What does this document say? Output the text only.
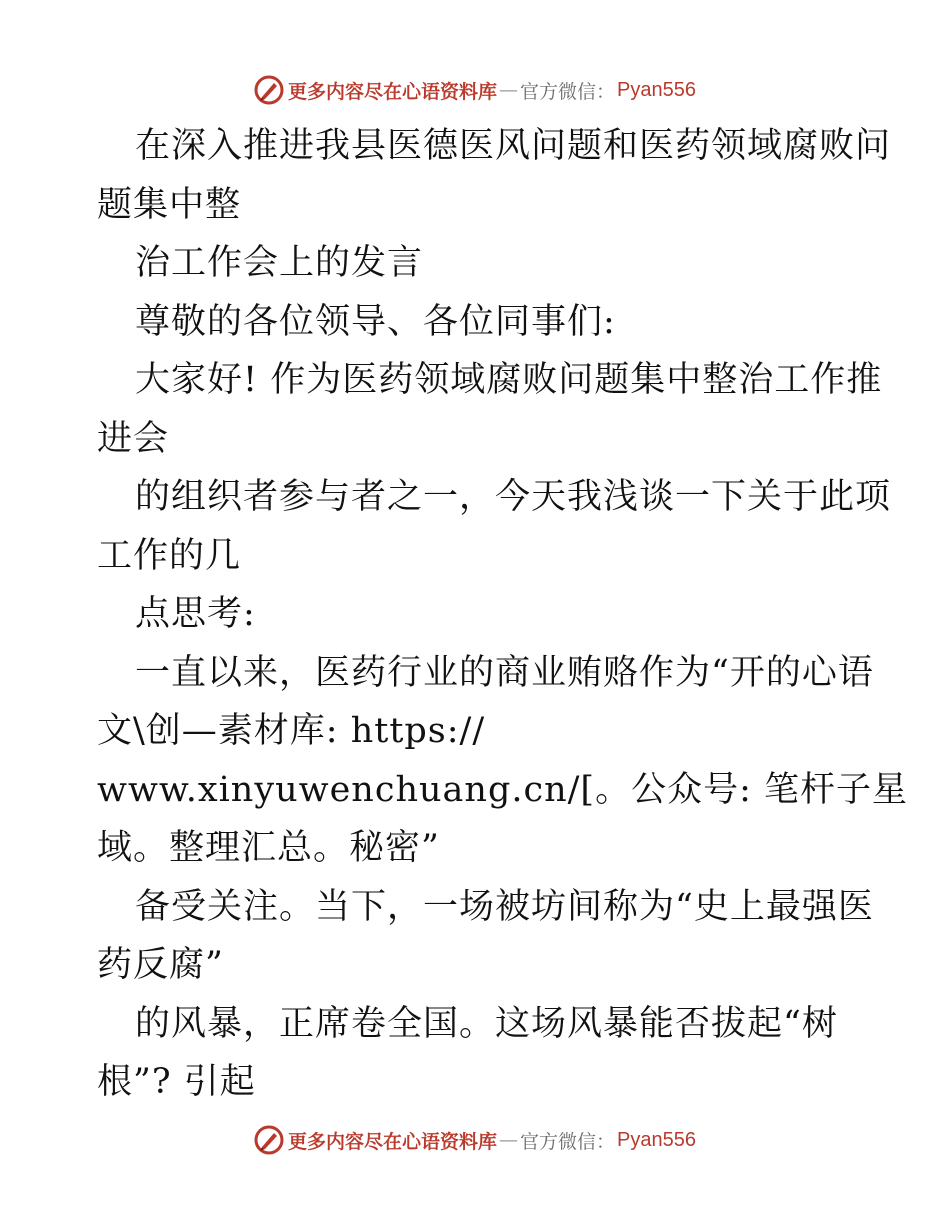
更多内容尽在心语资料库 — 官方微信： Pyan556
在深入推进我县医德医风问题和医药领域腐败问
题集中整
治工作会上的发言
尊敬的各位领导、各位同事们:
大家好! 作为医药领域腐败问题集中整治工作推
进会
的组织者参与者之一，今天我浅谈一下关于此项
工作的几
点思考:
一直以来，医药行业的商业贿赂作为“开的心语
文\创—素材库: https://
www.xinyuwenchuang.cn/[。公众号: 笔杆子星
域。整理汇总。秘密”
备受关注。当下，一场被坊间称为“史上最强医
药反腐”
的风暴，正席卷全国。这场风暴能否拔起“树
根”? 引起
更多内容尽在心语资料库 — 官方微信： Pyan556
